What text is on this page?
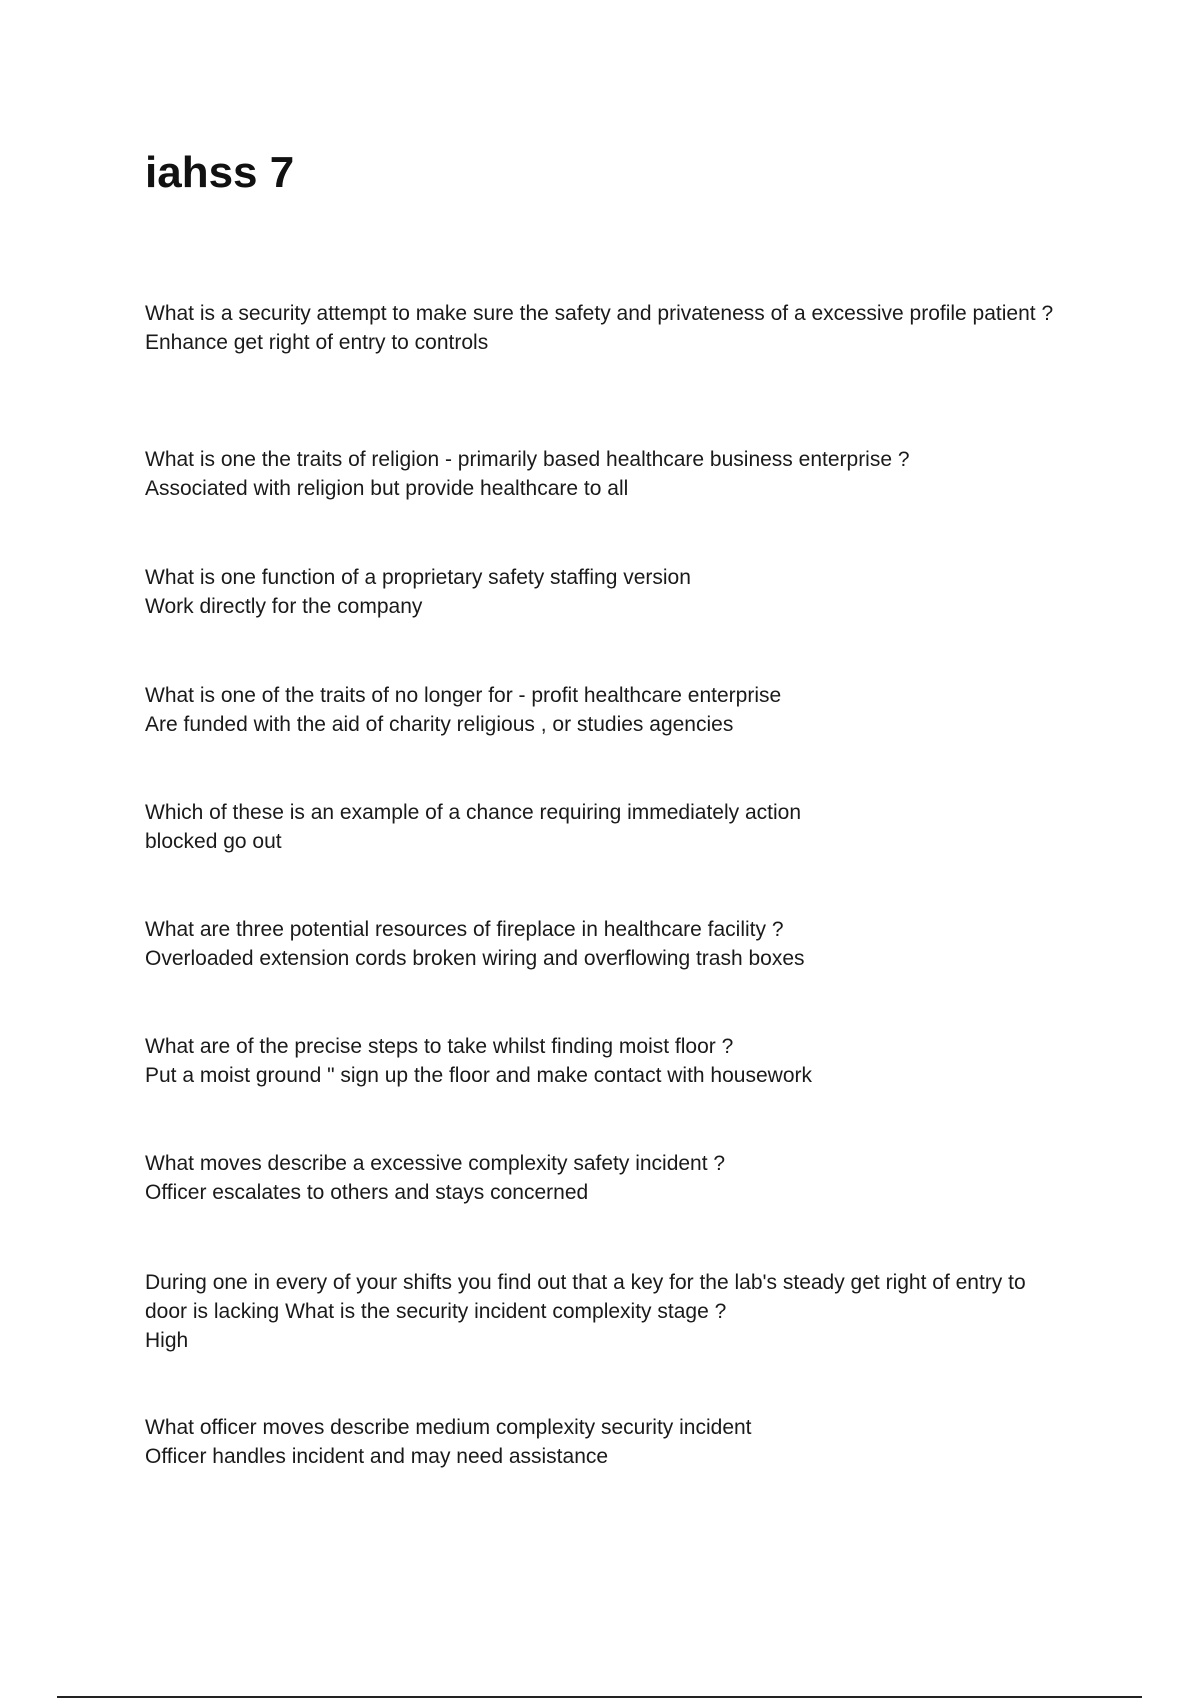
iahss 7
What is a security attempt to make sure the safety and privateness of a excessive profile patient ?
Enhance get right of entry to controls
What is one the traits of religion - primarily based healthcare business enterprise ?
Associated with religion but provide healthcare to all
What is one function of a proprietary safety staffing version
Work directly for the company
What is one of the traits of no longer for - profit healthcare enterprise
Are funded with the aid of charity religious , or studies agencies
Which of these is an example of a chance requiring immediately action
blocked go out
What are three potential resources of fireplace in healthcare facility ?
Overloaded extension cords broken wiring and overflowing trash boxes
What are of the precise steps to take whilst finding moist floor ?
Put a moist ground " sign up the floor and make contact with housework
What moves describe a excessive complexity safety incident ?
Officer escalates to others and stays concerned
During one in every of your shifts you find out that a key for the lab's steady get right of entry to door is lacking What is the security incident complexity stage ?
High
What officer moves describe medium complexity security incident
Officer handles incident and may need assistance
